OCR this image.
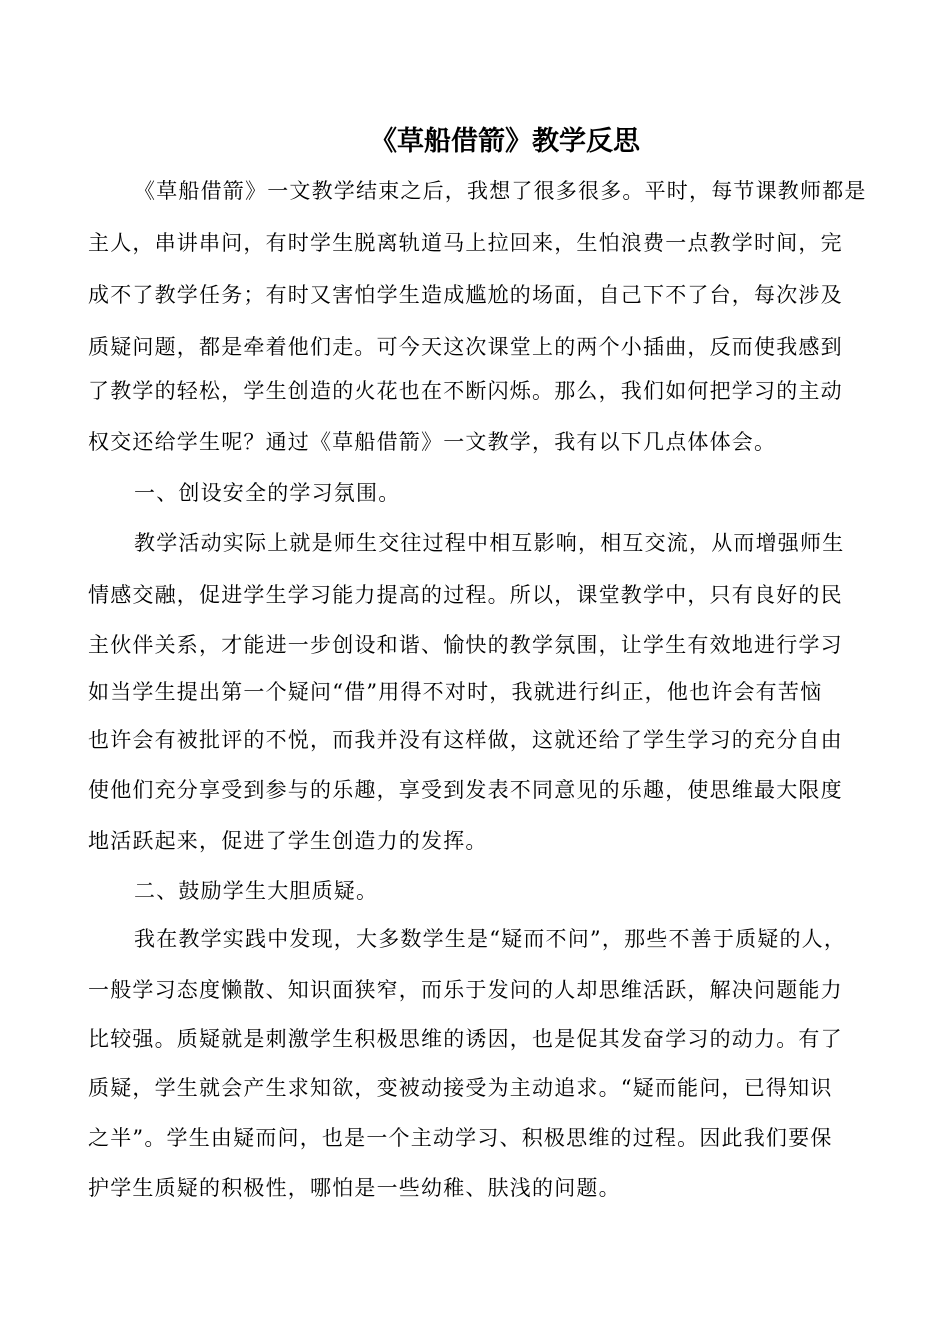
《草船借箭》教学反思
《草船借箭》一文教学结束之后，我想了很多很多。平时，每节课教师都是
主人，串讲串问，有时学生脱离轨道马上拉回来，生怕浪费一点教学时间，完
成不了教学任务；有时又害怕学生造成尴尬的场面，自己下不了台，每次涉及
质疑问题，都是牵着他们走。可今天这次课堂上的两个小插曲，反而使我感到
了教学的轻松，学生创造的火花也在不断闪烁。那么，我们如何把学习的主动
权交还给学生呢？通过《草船借箭》一文教学，我有以下几点体体会。
一、创设安全的学习氛围。
教学活动实际上就是师生交往过程中相互影响，相互交流，从而增强师生
情感交融，促进学生学习能力提高的过程。所以，课堂教学中，只有良好的民
主伙伴关系，才能进一步创设和谐、愉快的教学氛围，让学生有效地进行学习
如当学生提出第一个疑问“借”用得不对时，我就进行纠正，他也许会有苦恼
也许会有被批评的不悦，而我并没有这样做，这就还给了学生学习的充分自由
使他们充分享受到参与的乐趣，享受到发表不同意见的乐趣，使思维最大限度
地活跃起来，促进了学生创造力的发挥。
二、鼓励学生大胆质疑。
我在教学实践中发现，大多数学生是“疑而不问”，那些不善于质疑的人，
一般学习态度懒散、知识面狭窄，而乐于发问的人却思维活跃，解决问题能力
比较强。质疑就是刺激学生积极思维的诱因，也是促其发奋学习的动力。有了
质疑，学生就会产生求知欲，变被动接受为主动追求。“疑而能问，已得知识
之半”。学生由疑而问，也是一个主动学习、积极思维的过程。因此我们要保
护学生质疑的积极性，哪怕是一些幼稚、肤浅的问题。
